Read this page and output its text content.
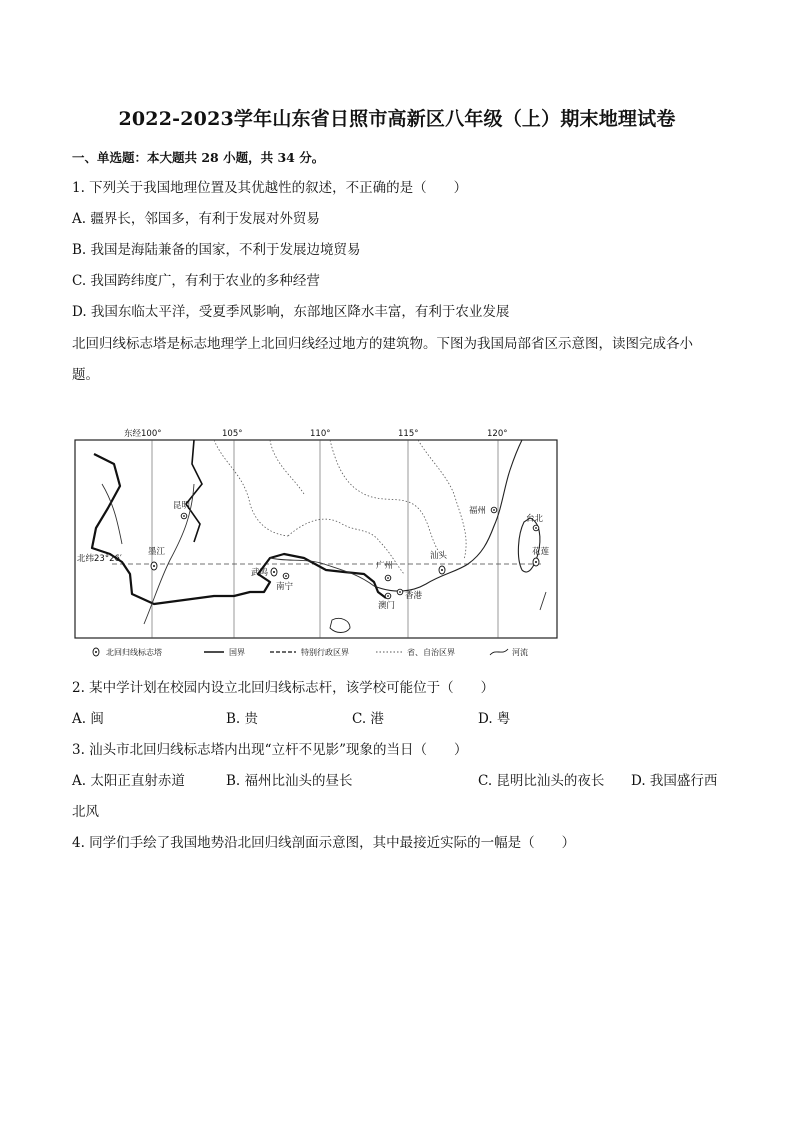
2022-2023学年山东省日照市高新区八年级（上）期末地理试卷
一、单选题：本大题共 28 小题，共 34 分。
1. 下列关于我国地理位置及其优越性的叙述，不正确的是（　　）
A. 疆界长，邻国多，有利于发展对外贸易
B. 我国是海陆兼备的国家，不利于发展边境贸易
C. 我国跨纬度广，有利于农业的多种经营
D. 我国东临太平洋，受夏季风影响，东部地区降水丰富，有利于农业发展
北回归线标志塔是标志地理学上北回归线经过地方的建筑物。下图为我国局部省区示意图，读图完成各小
题。
东经100°	105°	110°	115°	120°
北纬23°26′
昆明
墨江
武鸣
南宁
广州
汕头
福州
台北
花莲
澳门
香港
北回归线标志塔	国界	特别行政区界	省、自治区界	河流
2. 某中学计划在校园内设立北回归线标志杆，该学校可能位于（　　）
A. 闽	B. 贵	C. 港	D. 粤
3. 汕头市北回归线标志塔内出现“立杆不见影”现象的当日（　　）
A. 太阳正直射赤道	B. 福州比汕头的昼长	C. 昆明比汕头的夜长 D. 我国盛行西
北风
4. 同学们手绘了我国地势沿北回归线剖面示意图，其中最接近实际的一幅是（　　）
